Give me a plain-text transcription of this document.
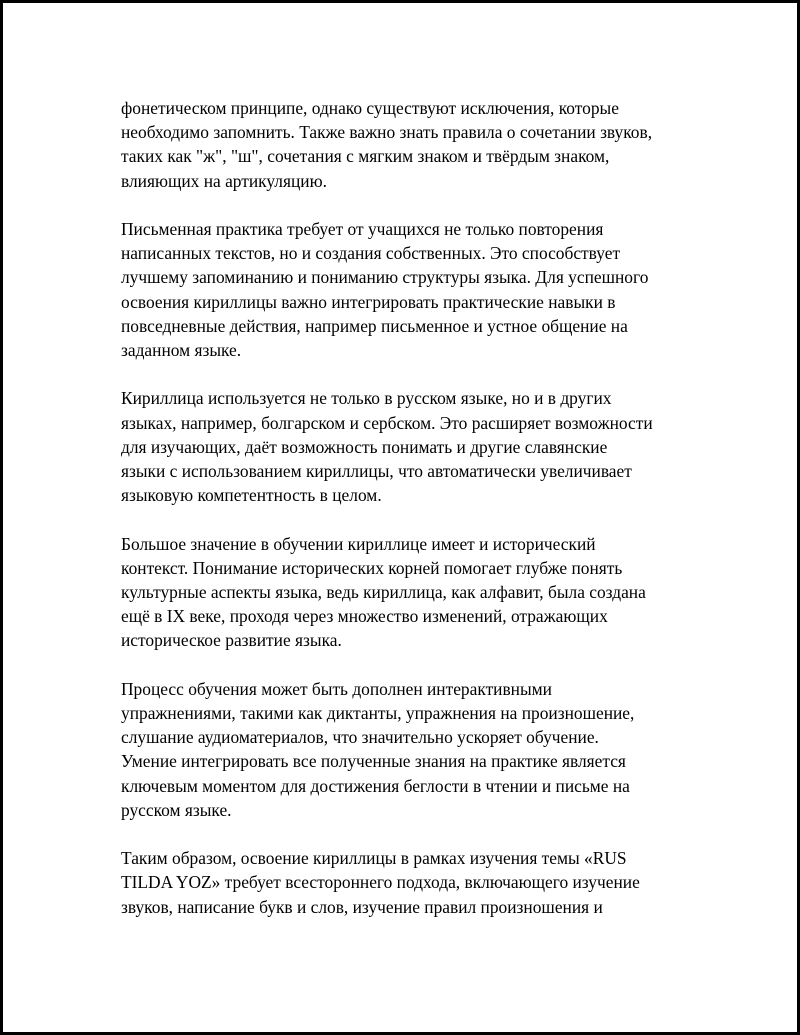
фонетическом принципе, однако существуют исключения, которые
необходимо запомнить. Также важно знать правила о сочетании звуков,
таких как "ж", "ш", сочетания с мягким знаком и твёрдым знаком,
влияющих на артикуляцию.

Письменная практика требует от учащихся не только повторения
написанных текстов, но и создания собственных. Это способствует
лучшему запоминанию и пониманию структуры языка. Для успешного
освоения кириллицы важно интегрировать практические навыки в
повседневные действия, например письменное и устное общение на
заданном языке.

Кириллица используется не только в русском языке, но и в других
языках, например, болгарском и сербском. Это расширяет возможности
для изучающих, даёт возможность понимать и другие славянские
языки с использованием кириллицы, что автоматически увеличивает
языковую компетентность в целом.

Большое значение в обучении кириллице имеет и исторический
контекст. Понимание исторических корней помогает глубже понять
культурные аспекты языка, ведь кириллица, как алфавит, была создана
ещё в IX веке, проходя через множество изменений, отражающих
историческое развитие языка.

Процесс обучения может быть дополнен интерактивными
упражнениями, такими как диктанты, упражнения на произношение,
слушание аудиоматериалов, что значительно ускоряет обучение.
Умение интегрировать все полученные знания на практике является
ключевым моментом для достижения беглости в чтении и письме на
русском языке.

Таким образом, освоение кириллицы в рамках изучения темы «RUS
TILDA YOZ» требует всестороннего подхода, включающего изучение
звуков, написание букв и слов, изучение правил произношения и
